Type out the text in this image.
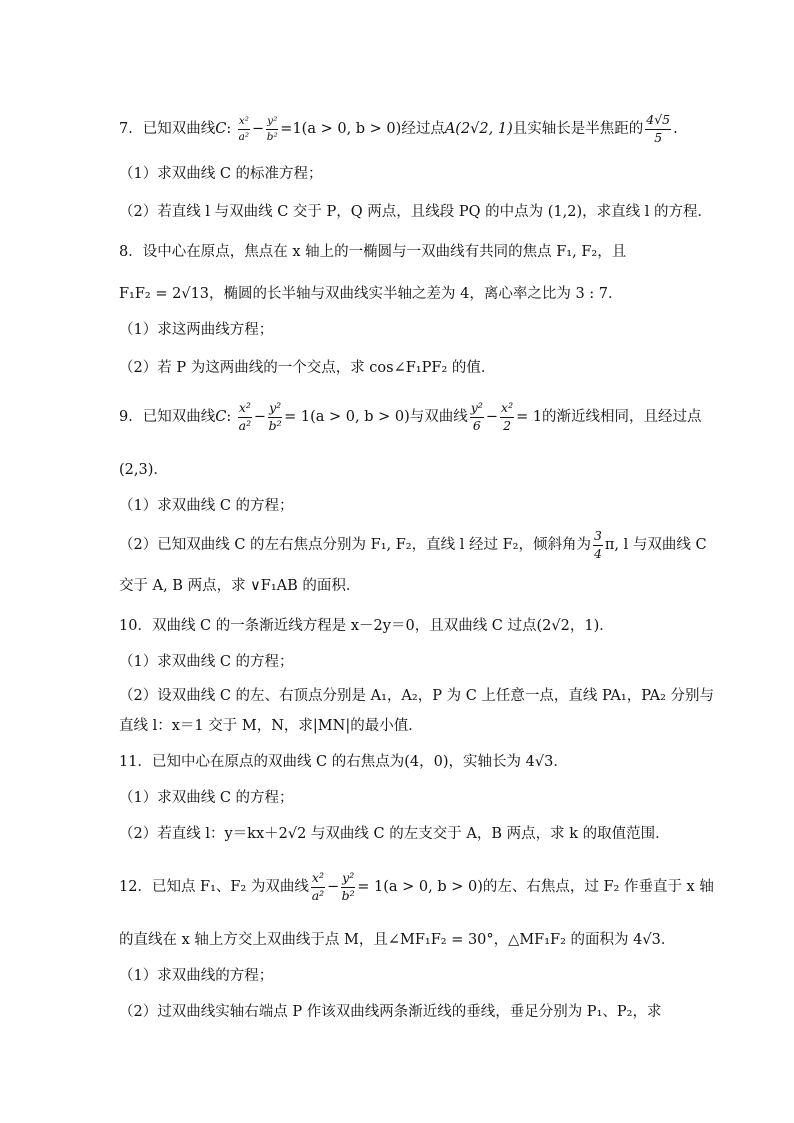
7．已知双曲线C: $\frac{\text{x²}}{\text{a²}} - \frac{\text{y²}}{\text{b²}} =1(a > 0$, b > 0)经过点A(2√2, 1)且实轴长是半焦距的 $\frac{4√5}{5}$ .
（1）求双曲线 C 的标准方程；
（2）若直线 l 与双曲线 C 交于 P，Q 两点，且线段 PQ 的中点为 (1,2)，求直线 l 的方程．
8．设中心在原点，焦点在 x 轴上的一椭圆与一双曲线有共同的焦点 F₁, F₂，且
F₁F₂ = 2√13，椭圆的长半轴与双曲线实半轴之差为 4，离心率之比为 3 : 7．
（1）求这两曲线方程；
（2）若 P 为这两曲线的一个交点，求 cos∠F₁PF₂ 的值．
9．已知双曲线C: $\frac{\text{x²}}{\text{a²}} - \frac{\text{y²}}{\text{b²}} = 1(a > 0$, b > 0)与双曲线 $\frac{\text{y²}}{6} - \frac{\text{x²}}{2} = 1$的渐近线相同，且经过点
(2,3)．
（1）求双曲线 C 的方程；
（2）已知双曲线 C 的左右焦点分别为 F₁, F₂，直线 l 经过 F₂，倾斜角为 $\frac{3}{4} \pi$, l 与双曲线 C
交于 A, B 两点，求 ∨F₁AB 的面积．
10．双曲线 C 的一条渐近线方程是 x－2y＝0，且双曲线 C 过点(2√2，1)．
（1）求双曲线 C 的方程；
（2）设双曲线 C 的左、右顶点分别是 A₁，A₂，P 为 C 上任意一点，直线 PA₁，PA₂ 分别与
直线 l：x＝1 交于 M，N，求|MN|的最小值．
11．已知中心在原点的双曲线 C 的右焦点为(4，0)，实轴长为 4√3．
（1）求双曲线 C 的方程；
（2）若直线 l：y＝kx＋2√2 与双曲线 C 的左支交于 A，B 两点，求 k 的取值范围．
12．已知点 F₁、F₂ 为双曲线 $\frac{\text{x²}}{\text{a²}} - \frac{\text{y²}}{\text{b²}} = 1(a > 0$, b > 0)的左、右焦点，过 F₂ 作垂直于 x 轴
的直线在 x 轴上方交上双曲线于点 M，且∠MF₁F₂ = 30°，△MF₁F₂ 的面积为 4√3．
（1）求双曲线的方程；
（2）过双曲线实轴右端点 P 作该双曲线两条渐近线的垂线，垂足分别为 P₁、P₂，求
